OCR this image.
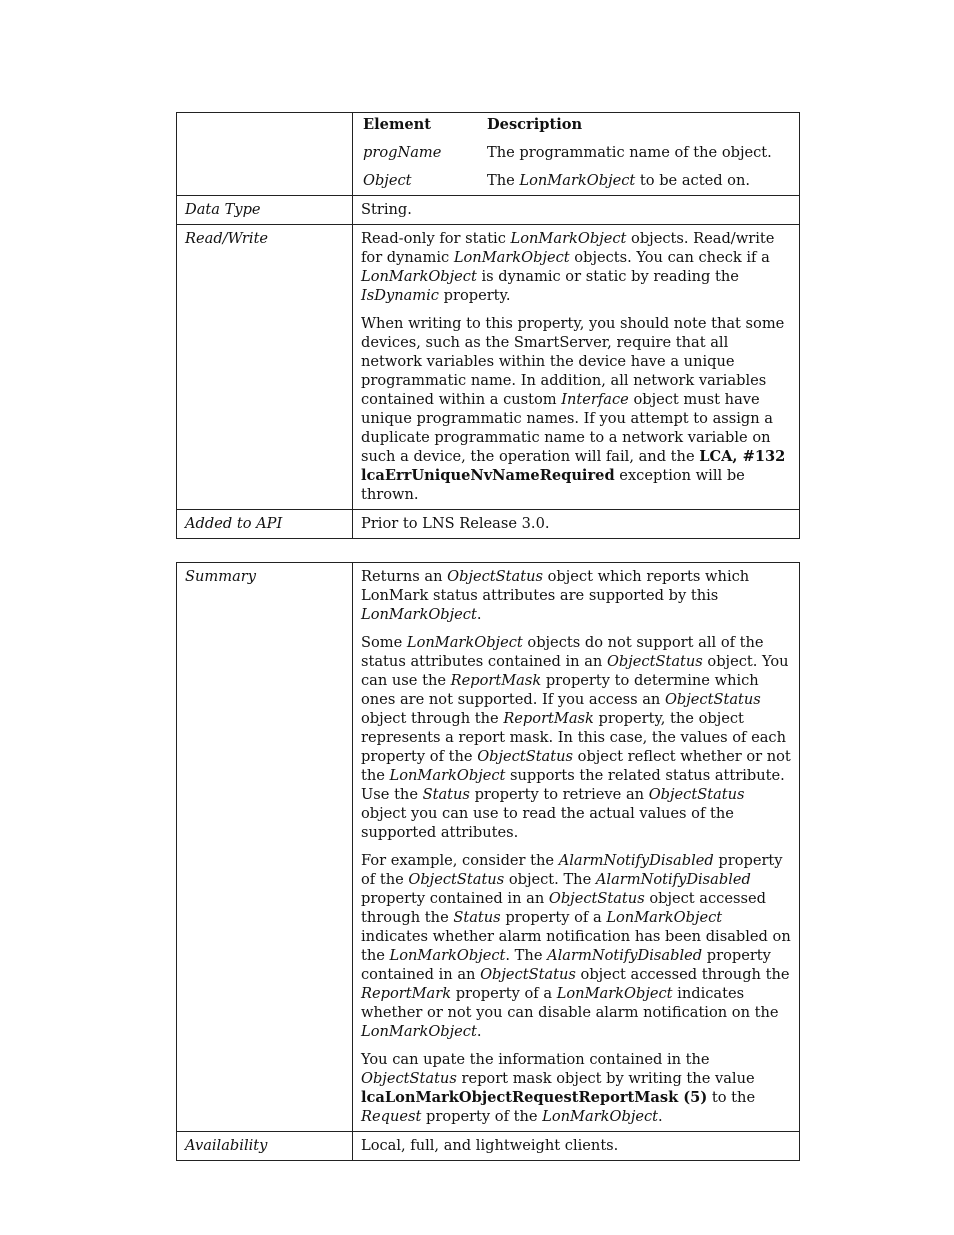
Element	Description
progName	The programmatic name of the object.
Object	The LonMarkObject to be acted on.

Data Type	String.
Read/Write	Read-only for static LonMarkObject objects. Read/write for dynamic LonMarkObject objects. You can check if a LonMarkObject is dynamic or static by reading the IsDynamic property.

When writing to this property, you should note that some devices, such as the SmartServer, require that all network variables within the device have a unique programmatic name. In addition, all network variables contained within a custom Interface object must have unique programmatic names. If you attempt to assign a duplicate programmatic name to a network variable on such a device, the operation will fail, and the LCA, #132 lcaErrUniqueNvNameRequired exception will be thrown.

Added to API	Prior to LNS Release 3.0.
Summary	Returns an ObjectStatus object which reports which LonMark status attributes are supported by this LonMarkObject.

Some LonMarkObject objects do not support all of the status attributes contained in an ObjectStatus object. You can use the ReportMask property to determine which ones are not supported. If you access an ObjectStatus object through the ReportMask property, the object represents a report mask. In this case, the values of each property of the ObjectStatus object reflect whether or not the LonMarkObject supports the related status attribute. Use the Status property to retrieve an ObjectStatus object you can use to read the actual values of the supported attributes.

For example, consider the AlarmNotifyDisabled property of the ObjectStatus object. The AlarmNotifyDisabled property contained in an ObjectStatus object accessed through the Status property of a LonMarkObject indicates whether alarm notification has been disabled on the LonMarkObject. The AlarmNotifyDisabled property contained in an ObjectStatus object accessed through the ReportMark property of a LonMarkObject indicates whether or not you can disable alarm notification on the LonMarkObject.

You can upate the information contained in the ObjectStatus report mask object by writing the value lcaLonMarkObjectRequestReportMask (5) to the Request property of the LonMarkObject.

Availability	Local, full, and lightweight clients.
